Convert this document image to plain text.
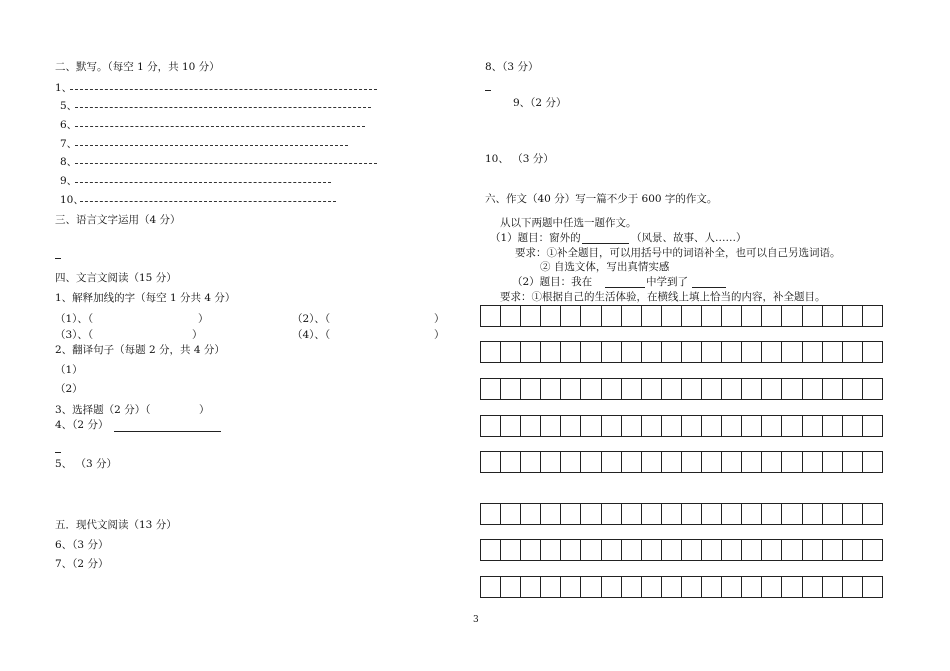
二、默写。（每空 1 分，共 10 分）
1、
5、
6、
7、
8、
9、
10、
三、语言文字运用（4 分）
四、文言文阅读（15 分）
1、解释加线的字（每空 1 分共 4 分）
（1）、（	）	（2）、（	）
（3）、（	）	（4）、（	）
2、翻译句子（每题 2 分，共 4 分）
（1）
（2）
3、选择题（2 分）（	）
4、（2 分）
5、 （3 分）
五．现代文阅读（13 分）
6、（3 分）
7、（2 分）
8、（3 分）
9、（2 分）
10、 （3 分）
六、作文（40 分）写一篇不少于 600 字的作文。
从以下两题中任选一题作文。
（1）题目：窗外的	（风景、故事、人……）
要求：①补全题目，可以用括号中的词语补全，也可以自己另选词语。
② 自选文体，写出真情实感
（2）题目：我在	中学到了
要求：①根据自己的生活体验，在横线上填上恰当的内容，补全题目。
3
